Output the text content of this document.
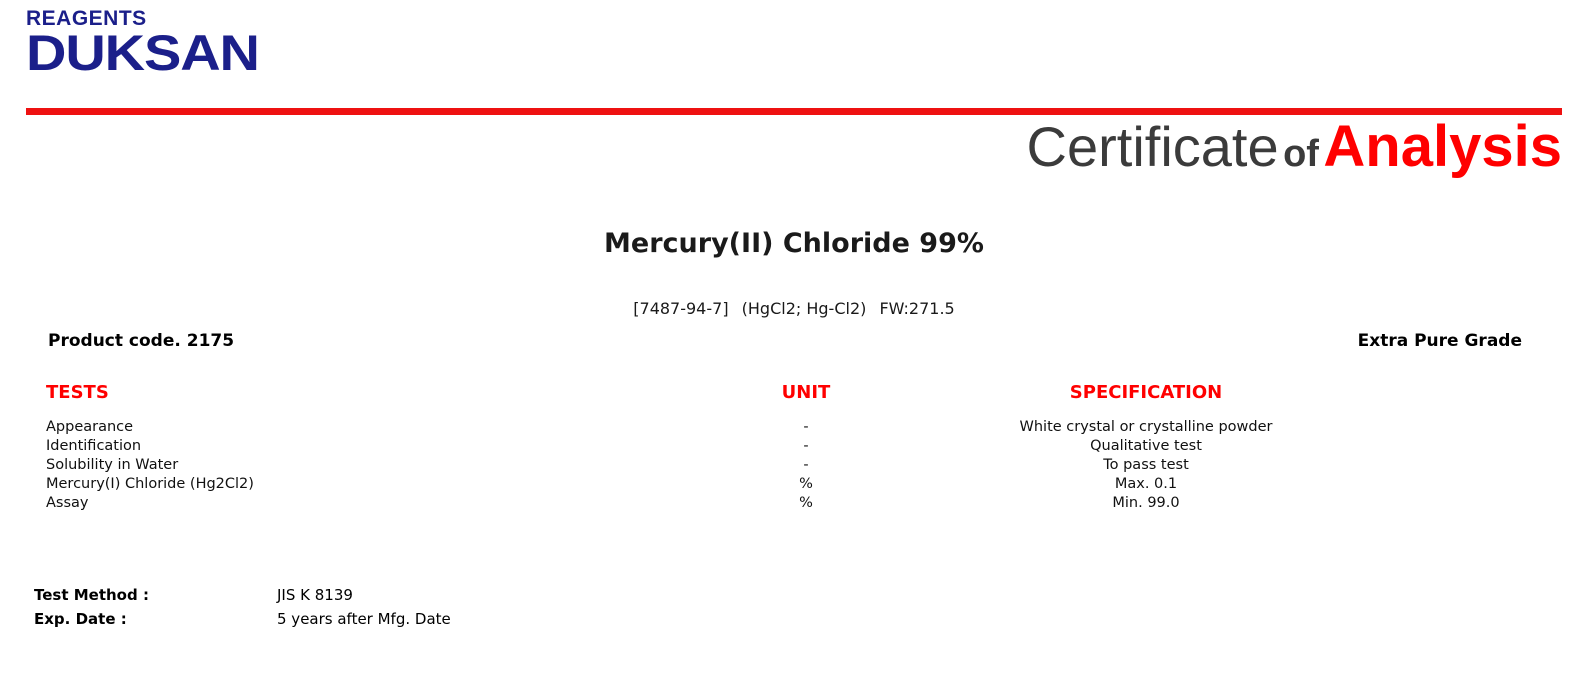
REAGENTS
DUKSAN
Certificate of Analysis
Mercury(II) Chloride 99%
[7487-94-7] (HgCl2; Hg-Cl2) FW:271.5
Product code. 2175	Extra Pure Grade
TESTS	UNIT	SPECIFICATION	
Appearance	-	White crystal or crystalline powder	
Identification	-	Qualitative test	
Solubility in Water	-	To pass test	
Mercury(I) Chloride (Hg2Cl2)	%	Max. 0.1	
Assay	%	Min. 99.0	
Test Method :	JIS K 8139
Exp. Date :	5 years after Mfg. Date
